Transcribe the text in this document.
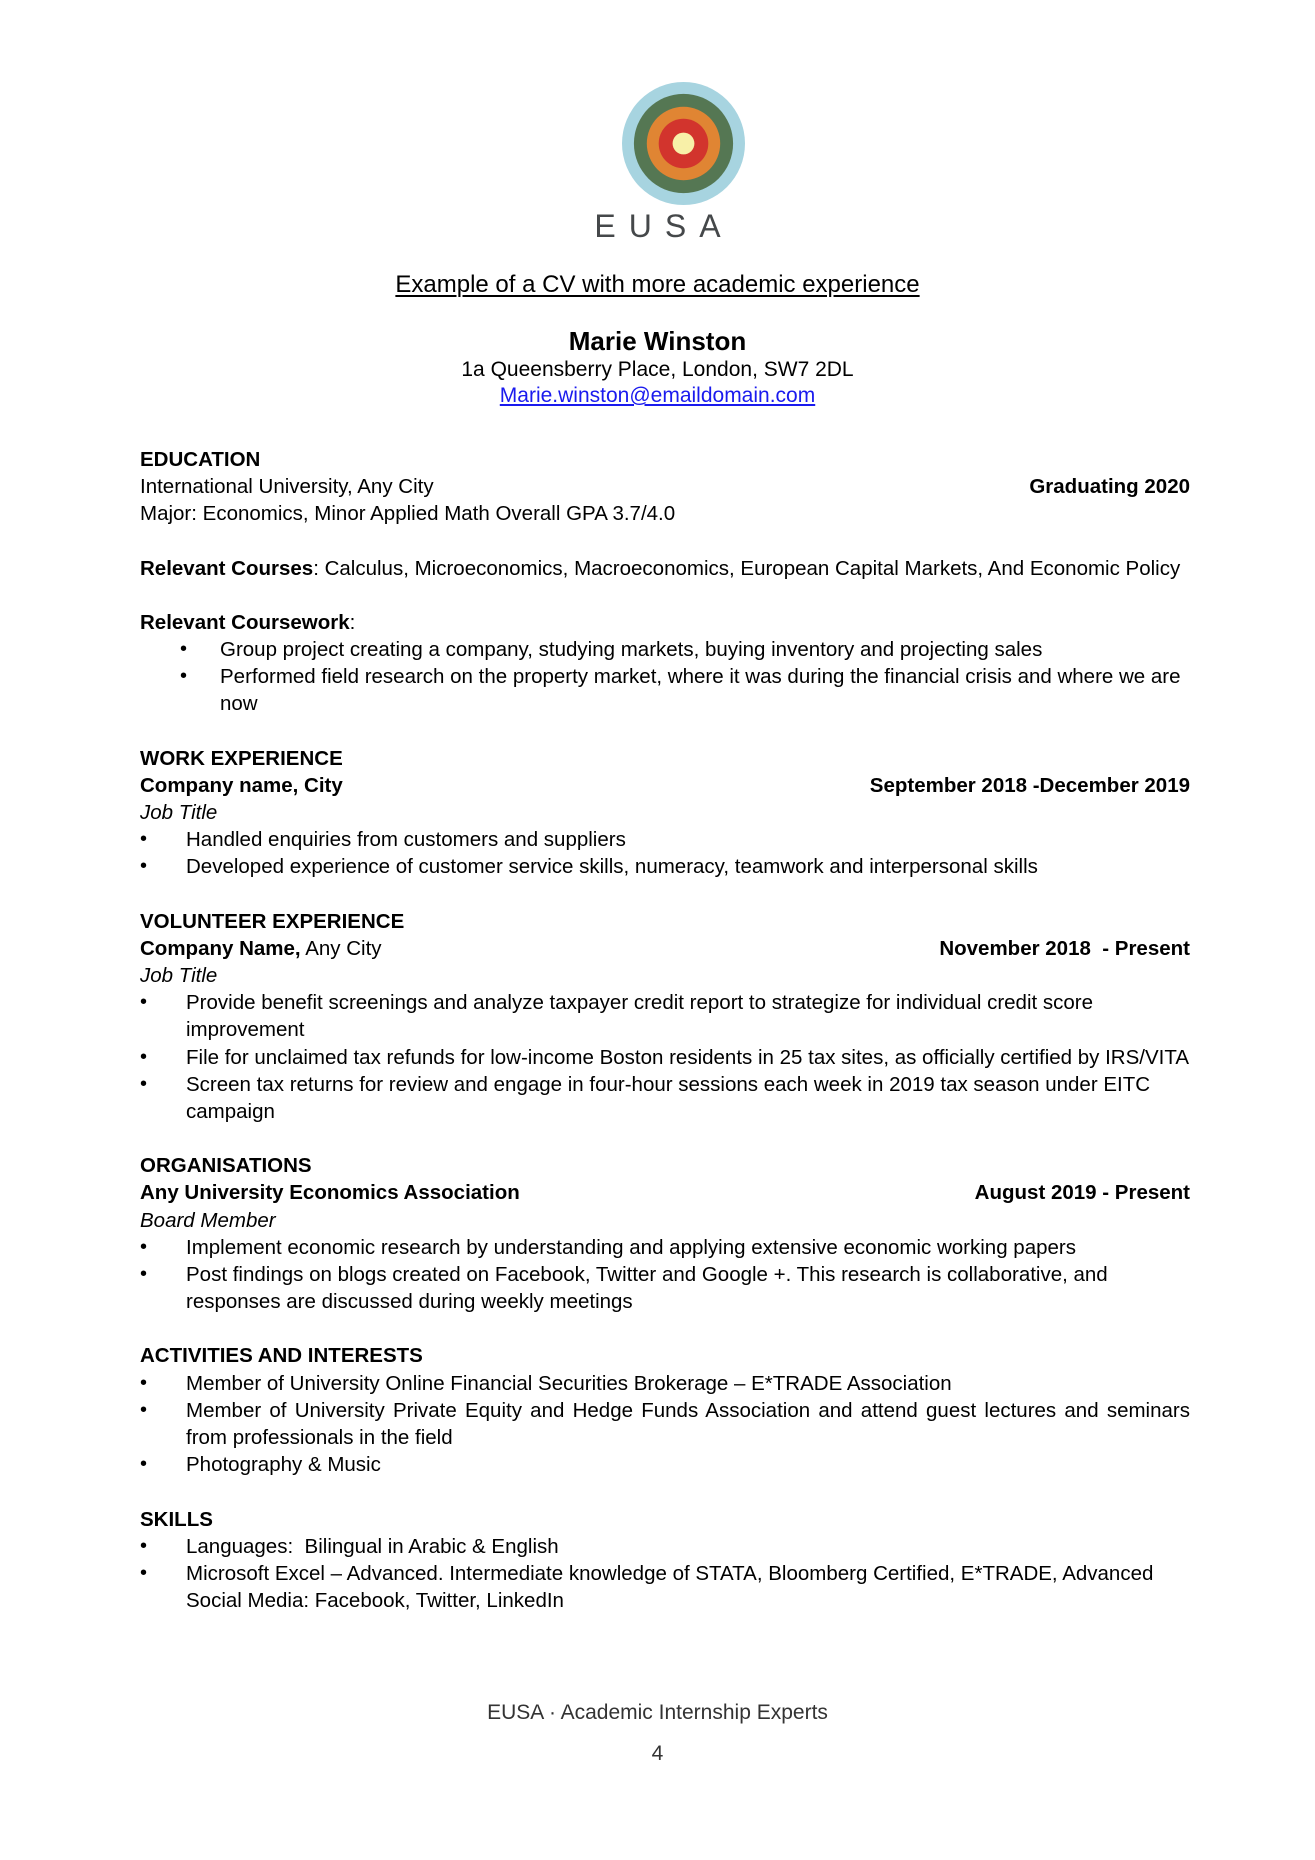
EUSA
Example of a CV with more academic experience
Marie Winston
1a Queensberry Place, London, SW7 2DL
Marie.winston@emaildomain.com
EDUCATION
International University, Any City	Graduating 2020
Major: Economics, Minor Applied Math Overall GPA 3.7/4.0
Relevant Courses: Calculus, Microeconomics, Macroeconomics, European Capital Markets, And Economic Policy
Relevant Coursework:
• Group project creating a company, studying markets, buying inventory and projecting sales
• Performed field research on the property market, where it was during the financial crisis and where we are now
WORK EXPERIENCE
Company name, City	September 2018 -December 2019
Job Title
• Handled enquiries from customers and suppliers
• Developed experience of customer service skills, numeracy, teamwork and interpersonal skills
VOLUNTEER EXPERIENCE
Company Name, Any City	November 2018  - Present
Job Title
• Provide benefit screenings and analyze taxpayer credit report to strategize for individual credit score improvement
• File for unclaimed tax refunds for low-income Boston residents in 25 tax sites, as officially certified by IRS/VITA
• Screen tax returns for review and engage in four-hour sessions each week in 2019 tax season under EITC campaign
ORGANISATIONS
Any University Economics Association	August 2019 - Present
Board Member
• Implement economic research by understanding and applying extensive economic working papers
• Post findings on blogs created on Facebook, Twitter and Google +. This research is collaborative, and responses are discussed during weekly meetings
ACTIVITIES AND INTERESTS
• Member of University Online Financial Securities Brokerage – E*TRADE Association
• Member of University Private Equity and Hedge Funds Association and attend guest lectures and seminars from professionals in the field
• Photography & Music
SKILLS
• Languages:  Bilingual in Arabic & English
• Microsoft Excel – Advanced. Intermediate knowledge of STATA, Bloomberg Certified, E*TRADE, Advanced Social Media: Facebook, Twitter, LinkedIn
EUSA · Academic Internship Experts
4
